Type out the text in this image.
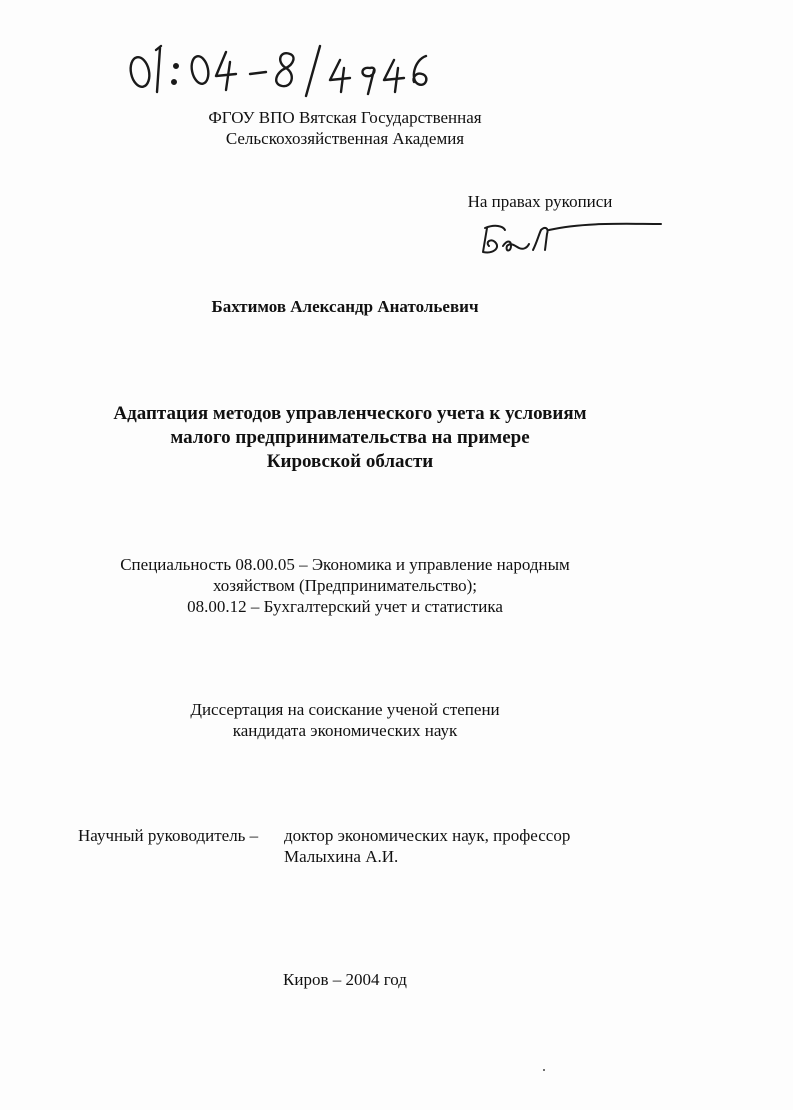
ФГОУ ВПО Вятская Государственная
Сельскохозяйственная Академия
На правах рукописи
Бахтимов Александр Анатольевич
Адаптация методов управленческого учета к условиям
малого предпринимательства на примере
Кировской области
Специальность 08.00.05 – Экономика и управление народным
хозяйством (Предпринимательство);
08.00.12 – Бухгалтерский учет и статистика
Диссертация на соискание ученой степени
кандидата экономических наук
Научный руководитель – доктор экономических наук, профессор
Малыхина А.И.
Киров – 2004 год
